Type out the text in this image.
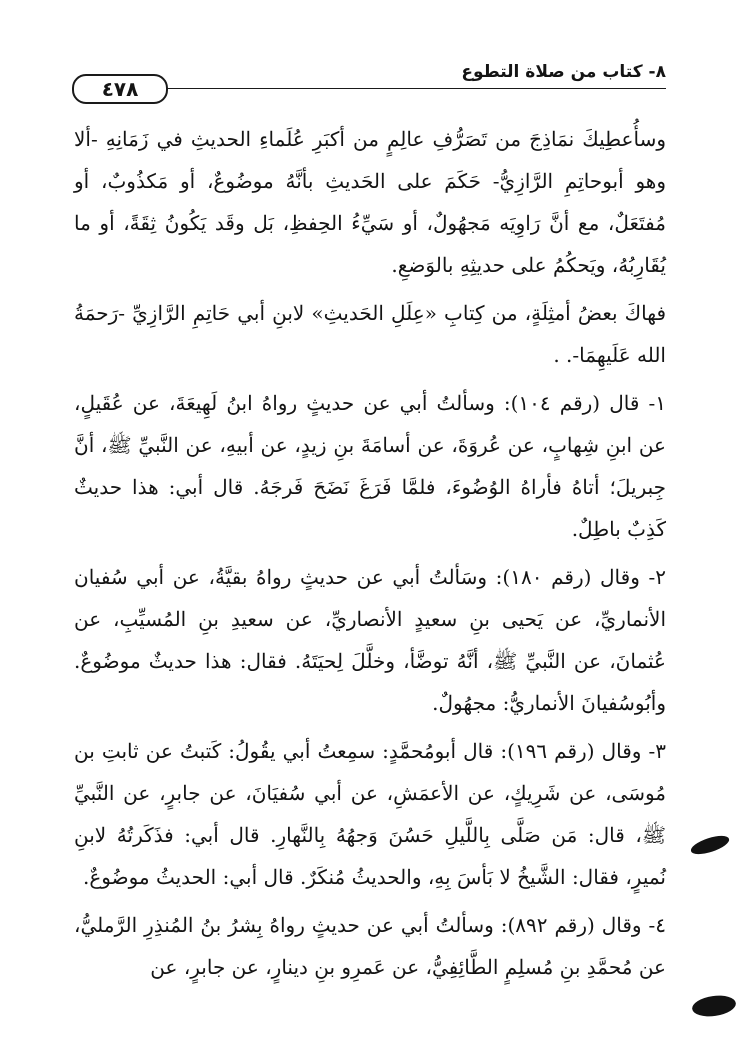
٨- كتاب من صلاة التطوع
٤٧٨

وسأُعطِيكَ نمَاذِجَ من تَصَرُّفِ عالِمٍ من أكبَرِ عُلَماءِ الحديثِ في زَمَانِهِ -ألا وهو أبوحاتِمِ الرَّازِيُّ- حَكَمَ على الحَديثِ بأنَّهُ موضُوعٌ، أو مَكذُوبٌ، أو مُفتَعَلٌ، مع أنَّ رَاوِيَه مَجهُولٌ، أو سَيِّءُ الحِفظِ، بَل وقَد يَكُونُ ثِقَةً، أو ما يُقَارِبُهُ، ويَحكُمُ على حديثِهِ بالوَضعِ.

فهاكَ بعضُ أمثِلَةٍ، من كِتابِ «عِلَلِ الحَديثِ» لابنِ أبي حَاتِمِ الرَّازِيِّ -رَحمَةُ الله عَلَيهِمَا-. .

١- قال (رقم ١٠٤): وسألتُ أبي عن حديثٍ رواهُ ابنُ لَهِيعَةَ، عن عُقَيلٍ، عن ابنِ شِهابٍ، عن عُروَةَ، عن أسامَةَ بنِ زيدٍ، عن أبيهِ، عن النَّبيِّ ﷺ، أنَّ جِبريلَ؛ أتاهُ فأراهُ الوُضُوءَ، فلمَّا فَرَغَ نَضَحَ فَرجَهُ. قال أبي: هذا حديثٌ كَذِبٌ باطِلٌ.

٢- وقال (رقم ١٨٠): وسَألتُ أبي عن حديثٍ رواهُ بقيَّةُ، عن أبي سُفيان الأنماريِّ، عن يَحيى بنِ سعيدٍ الأنصاريِّ، عن سعيدِ بنِ المُسيِّبِ، عن عُثمانَ، عن النَّبيِّ ﷺ، أنَّهُ توضَّأ، وخلَّلَ لِحيَتَهُ. فقال: هذا حديثٌ موضُوعٌ. وأبُوسُفيانَ الأنماريُّ: مجهُولٌ.

٣- وقال (رقم ١٩٦): قال أبومُحمَّدٍ: سمِعتُ أبي يقُولُ: كَتبتُ عن ثابتِ بن مُوسَى، عن شَرِيكٍ، عن الأعمَشِ، عن أبي سُفيَانَ، عن جابرٍ، عن النَّبيِّ ﷺ، قال: مَن صَلَّى بِاللَّيلِ حَسُنَ وَجهُهُ بِالنَّهارِ. قال أبي: فذَكَرتُهُ لابنِ نُميرٍ، فقال: الشَّيخُ لا بَأسَ بِهِ، والحديثُ مُنكَرٌ. قال أبي: الحديثُ موضُوعٌ.

٤- وقال (رقم ٨٩٢): وسألتُ أبي عن حديثٍ رواهُ بِشرُ بنُ المُنذِرِ الرَّمليُّ، عن مُحمَّدِ بنِ مُسلِمٍ الطَّائِفِيُّ، عن عَمرِو بنِ دينارٍ، عن جابرٍ، عن
